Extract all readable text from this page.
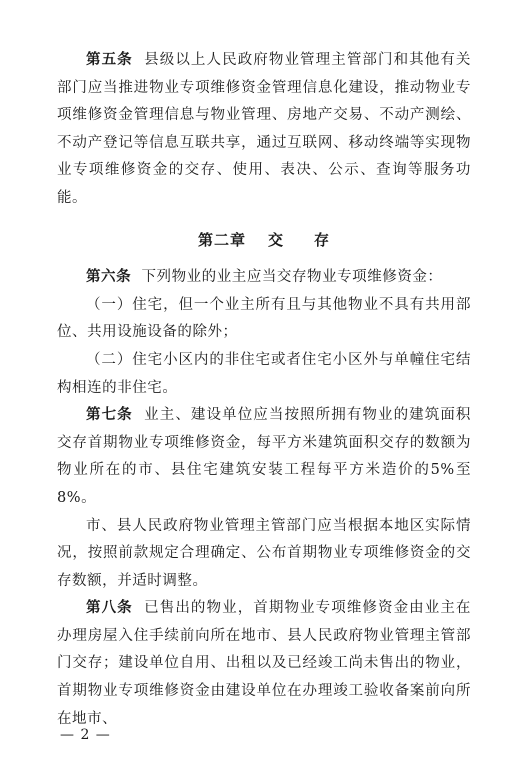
第五条 县级以上人民政府物业管理主管部门和其他有关部门应当推进物业专项维修资金管理信息化建设，推动物业专项维修资金管理信息与物业管理、房地产交易、不动产测绘、不动产登记等信息互联共享，通过互联网、移动终端等实现物业专项维修资金的交存、使用、表决、公示、查询等服务功能。

第二章 交 存

第六条 下列物业的业主应当交存物业专项维修资金：

（一）住宅，但一个业主所有且与其他物业不具有共用部位、共用设施设备的除外；

（二）住宅小区内的非住宅或者住宅小区外与单幢住宅结构相连的非住宅。

第七条 业主、建设单位应当按照所拥有物业的建筑面积交存首期物业专项维修资金，每平方米建筑面积交存的数额为物业所在的市、县住宅建筑安装工程每平方米造价的5%至8%。

市、县人民政府物业管理主管部门应当根据本地区实际情况，按照前款规定合理确定、公布首期物业专项维修资金的交存数额，并适时调整。

第八条 已售出的物业，首期物业专项维修资金由业主在办理房屋入住手续前向所在地市、县人民政府物业管理主管部门交存；建设单位自用、出租以及已经竣工尚未售出的物业，首期物业专项维修资金由建设单位在办理竣工验收备案前向所在地市、

— 2 —
